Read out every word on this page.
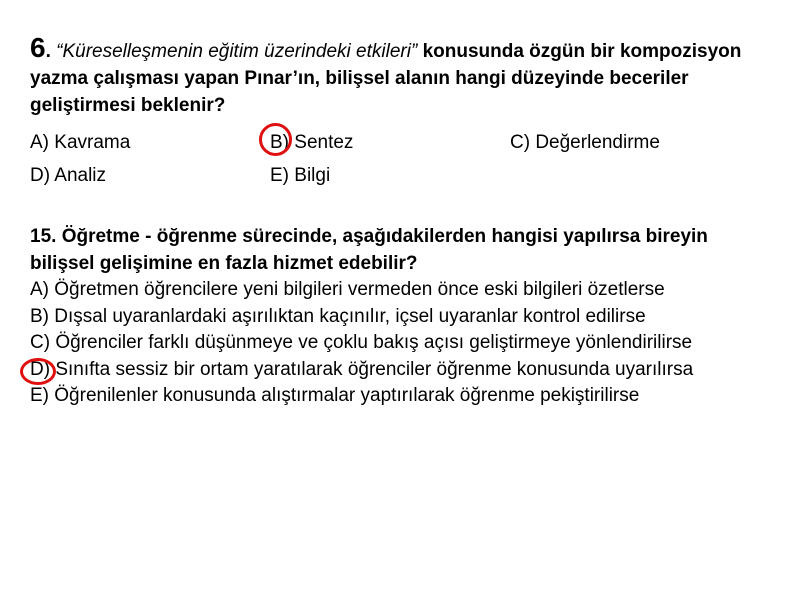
6. “Küreselleşmenin eğitim üzerindeki etkileri” konusunda özgün bir kompozisyon yazma çalışması yapan Pınar’ın, bilişsel alanın hangi düzeyinde beceriler geliştirmesi beklenir?

A) Kavrama	B) Sentez	C) Değerlendirme
D) Analiz	E) Bilgi
15. Öğretme - öğrenme sürecinde, aşağıdakilerden hangisi yapılırsa bireyin bilişsel gelişimine en fazla hizmet edebilir?
A) Öğretmen öğrencilere yeni bilgileri vermeden önce eski bilgileri özetlerse
B) Dışsal uyaranlardaki aşırılıktan kaçınılır, içsel uyaranlar kontrol edilirse
C) Öğrenciler farklı düşünmeye ve çoklu bakış açısı geliştirmeye yönlendirilirse
D) Sınıfta sessiz bir ortam yaratılarak öğrenciler öğrenme konusunda uyarılırsa
E) Öğrenilenler konusunda alıştırmalar yaptırılarak öğrenme pekiştirilirse
